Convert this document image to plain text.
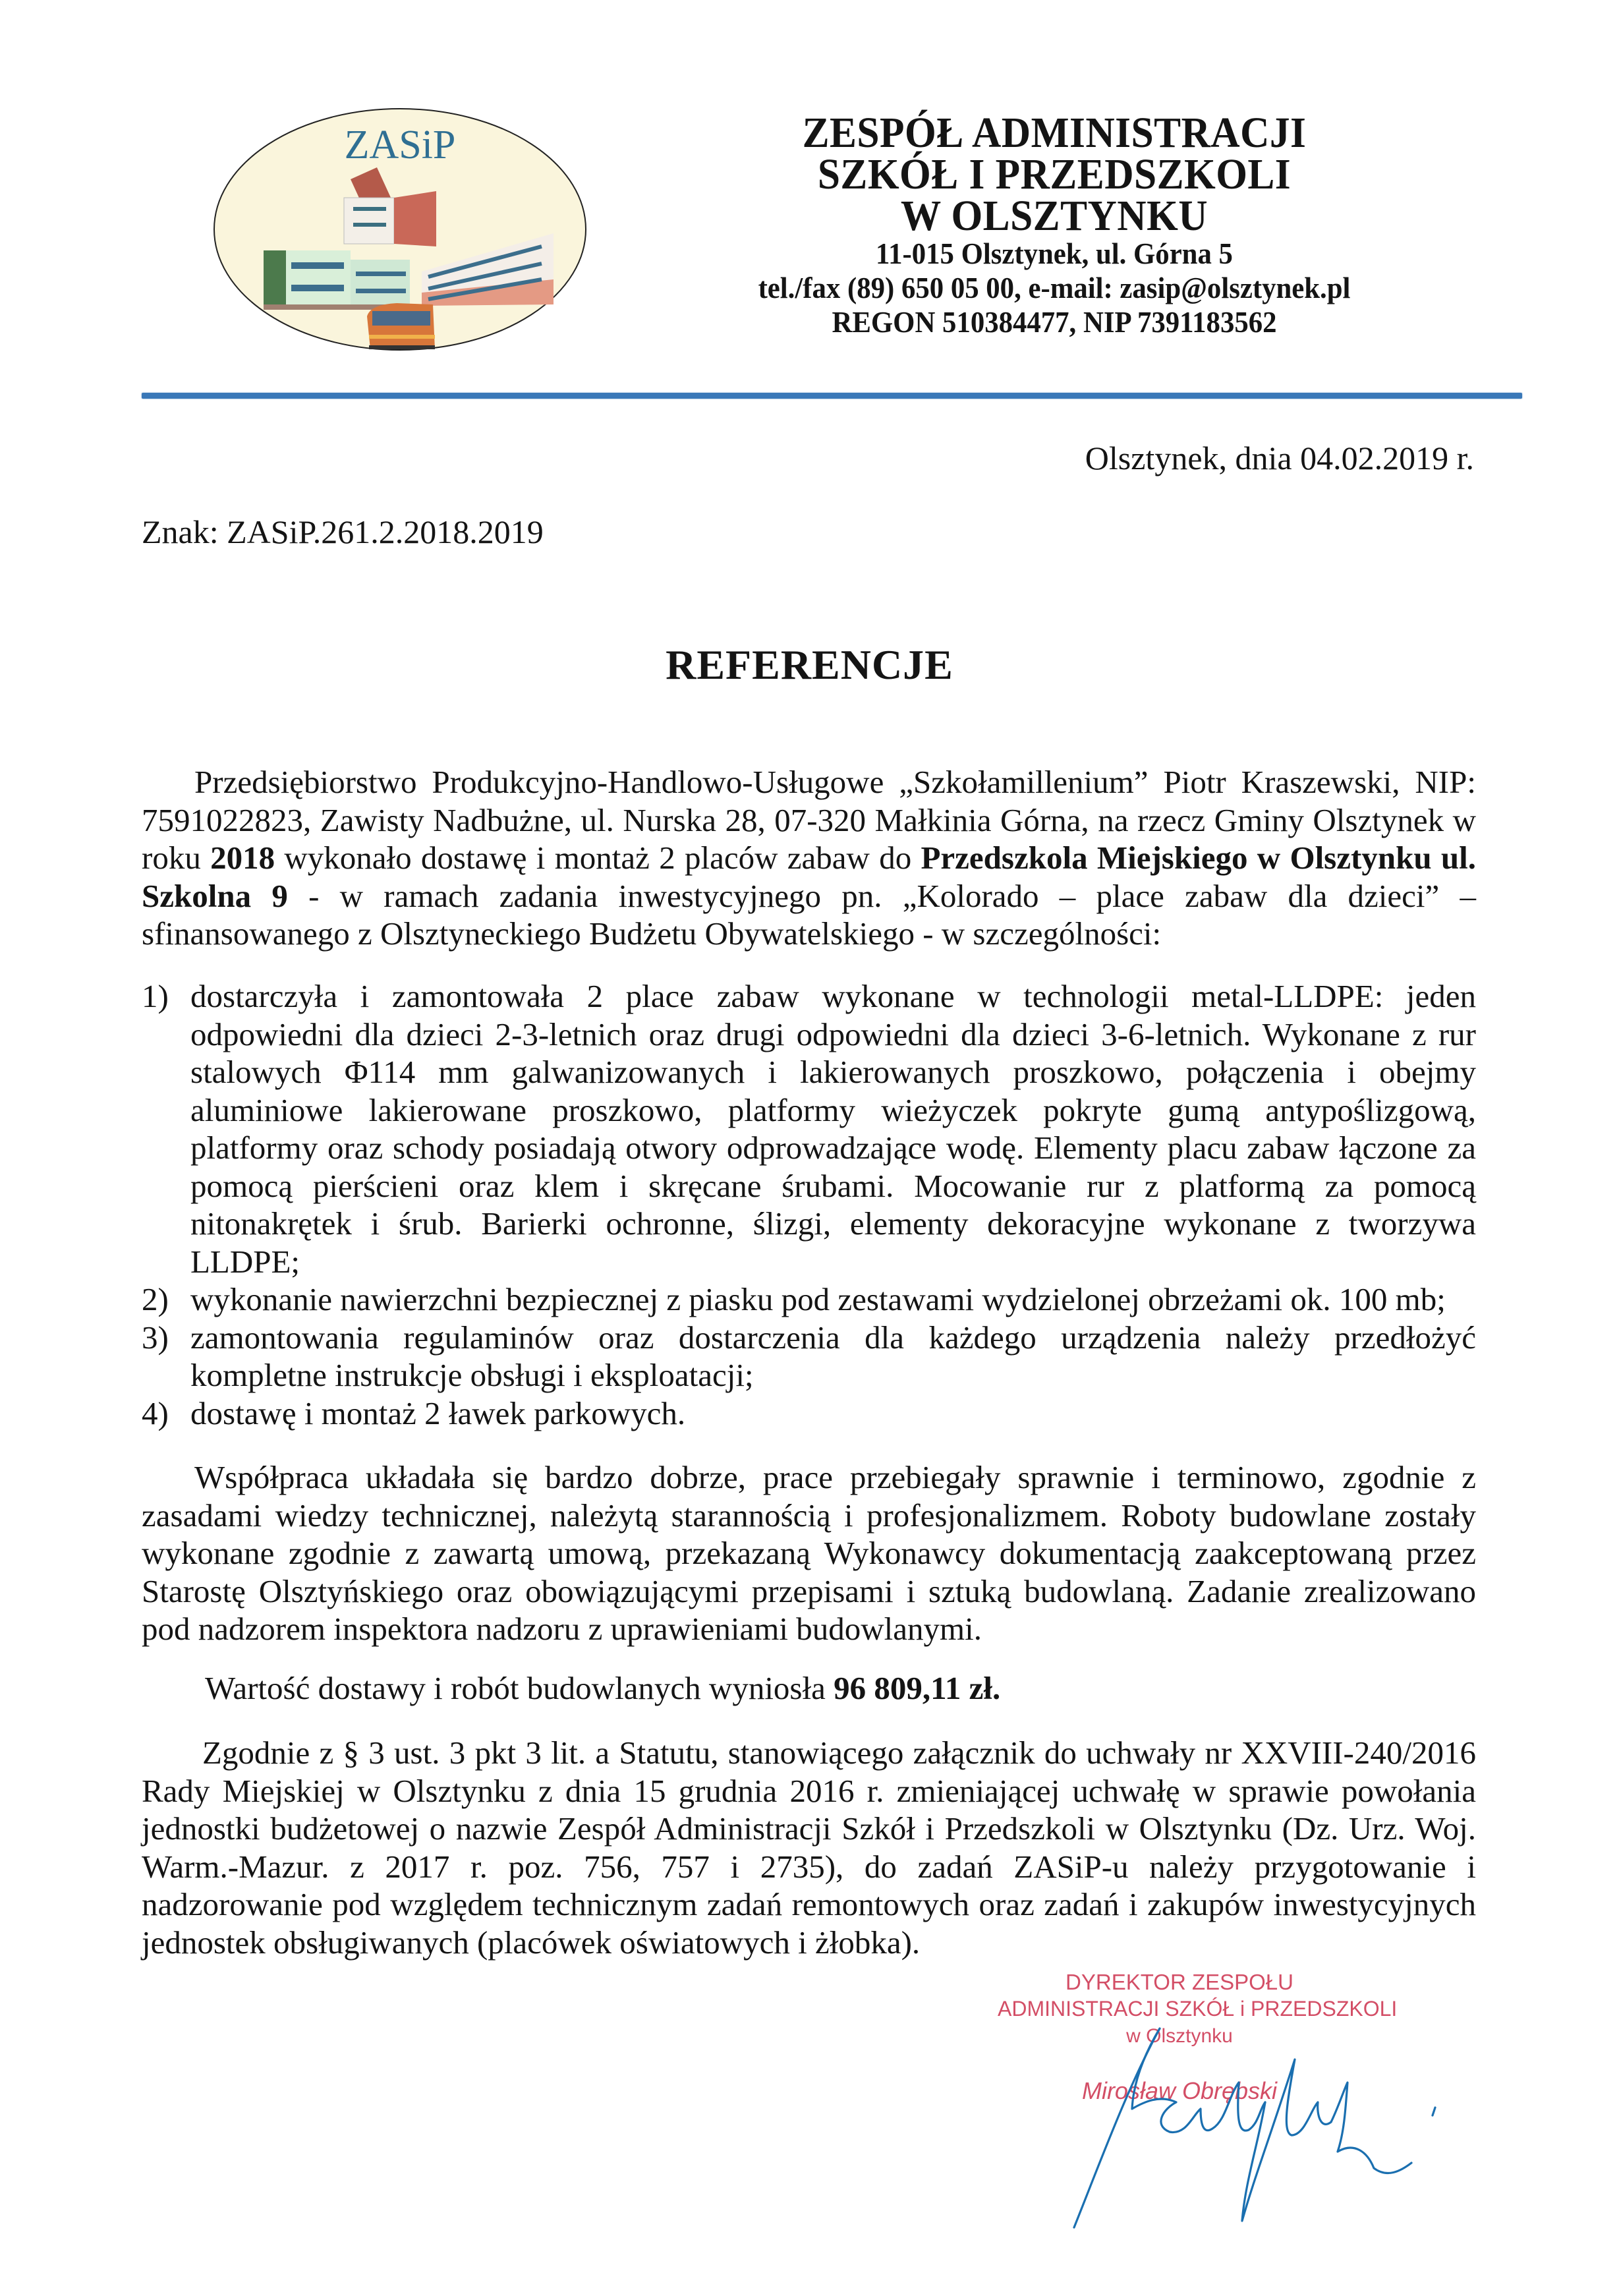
ZASiP	ZESPÓŁ ADMINISTRACJI
SZKÓŁ I PRZEDSZKOLI
W OLSZTYNKU
11-015 Olsztynek, ul. Górna 5
tel./fax (89) 650 05 00, e-mail: zasip@olsztynek.pl
REGON 510384477, NIP 7391183562
Olsztynek, dnia 04.02.2019 r.
Znak: ZASiP.261.2.2018.2019
REFERENCJE

Przedsiębiorstwo Produkcyjno-Handlowo-Usługowe „Szkołamillenium” Piotr Kraszewski, NIP: 7591022823, Zawisty Nadbużne, ul. Nurska 28, 07-320 Małkinia Górna, na rzecz Gminy Olsztynek w roku 2018 wykonało dostawę i montaż 2 placów zabaw do Przedszkola Miejskiego w Olsztynku ul. Szkolna 9 - w ramach zadania inwestycyjnego pn. „Kolorado – place zabaw dla dzieci” – sfinansowanego z Olsztyneckiego Budżetu Obywatelskiego - w szczególności:

1) dostarczyła i zamontowała 2 place zabaw wykonane w technologii metal-LLDPE: jeden odpowiedni dla dzieci 2-3-letnich oraz drugi odpowiedni dla dzieci 3-6-letnich. Wykonane z rur stalowych Φ114 mm galwanizowanych i lakierowanych proszkowo, połączenia i obejmy aluminiowe lakierowane proszkowo, platformy wieżyczek pokryte gumą antypoślizgową, platformy oraz schody posiadają otwory odprowadzające wodę. Elementy placu zabaw łączone za pomocą pierścieni oraz klem i skręcane śrubami. Mocowanie rur z platformą za pomocą nitonakrętek i śrub. Barierki ochronne, ślizgi, elementy dekoracyjne wykonane z tworzywa LLDPE;
2) wykonanie nawierzchni bezpiecznej z piasku pod zestawami wydzielonej obrzeżami ok. 100 mb;
3) zamontowania regulaminów oraz dostarczenia dla każdego urządzenia należy przedłożyć kompletne instrukcje obsługi i eksploatacji;
4) dostawę i montaż 2 ławek parkowych.

Współpraca układała się bardzo dobrze, prace przebiegały sprawnie i terminowo, zgodnie z zasadami wiedzy technicznej, należytą starannością i profesjonalizmem. Roboty budowlane zostały wykonane zgodnie z zawartą umową, przekazaną Wykonawcy dokumentacją zaakceptowaną przez Starostę Olsztyńskiego oraz obowiązującymi przepisami i sztuką budowlaną. Zadanie zrealizowano pod nadzorem inspektora nadzoru z uprawieniami budowlanymi.

Wartość dostawy i robót budowlanych wyniosła 96 809,11 zł.

Zgodnie z § 3 ust. 3 pkt 3 lit. a Statutu, stanowiącego załącznik do uchwały nr XXVIII-240/2016 Rady Miejskiej w Olsztynku z dnia 15 grudnia 2016 r. zmieniającej uchwałę w sprawie powołania jednostki budżetowej o nazwie Zespół Administracji Szkół i Przedszkoli w Olsztynku (Dz. Urz. Woj. Warm.-Mazur. z 2017 r. poz. 756, 757 i 2735), do zadań ZASiP-u należy przygotowanie i nadzorowanie pod względem technicznym zadań remontowych oraz zadań i zakupów inwestycyjnych jednostek obsługiwanych (placówek oświatowych i żłobka).

DYREKTOR ZESPOŁU
ADMINISTRACJI SZKÓŁ i PRZEDSZKOLI
w Olsztynku
Mirosław Obrębski
